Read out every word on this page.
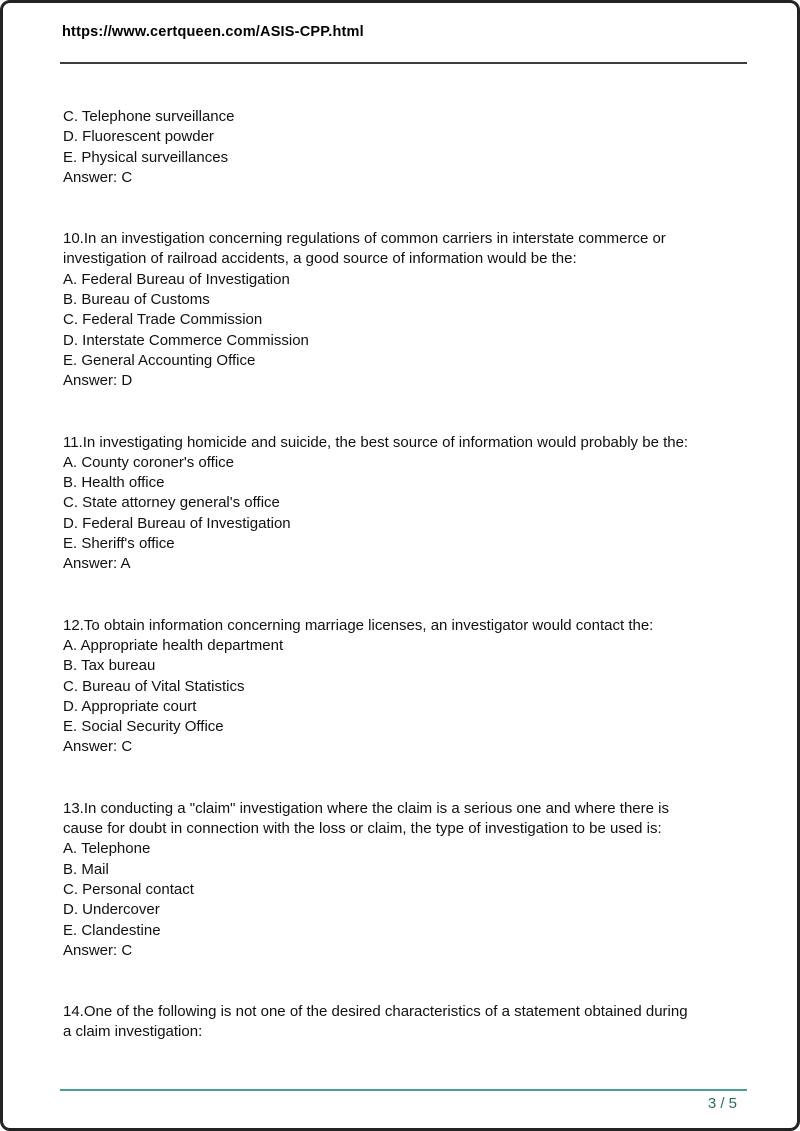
https://www.certqueen.com/ASIS-CPP.html
C. Telephone surveillance
D. Fluorescent powder
E. Physical surveillances
Answer: C
10.In an investigation concerning regulations of common carriers in interstate commerce or
investigation of railroad accidents, a good source of information would be the:
A. Federal Bureau of Investigation
B. Bureau of Customs
C. Federal Trade Commission
D. Interstate Commerce Commission
E. General Accounting Office
Answer: D
11.In investigating homicide and suicide, the best source of information would probably be the:
A. County coroner's office
B. Health office
C. State attorney general's office
D. Federal Bureau of Investigation
E. Sheriff's office
Answer: A
12.To obtain information concerning marriage licenses, an investigator would contact the:
A. Appropriate health department
B. Tax bureau
C. Bureau of Vital Statistics
D. Appropriate court
E. Social Security Office
Answer: C
13.In conducting a "claim" investigation where the claim is a serious one and where there is
cause for doubt in connection with the loss or claim, the type of investigation to be used is:
A. Telephone
B. Mail
C. Personal contact
D. Undercover
E. Clandestine
Answer: C
14.One of the following is not one of the desired characteristics of a statement obtained during
a claim investigation:
3 / 5
